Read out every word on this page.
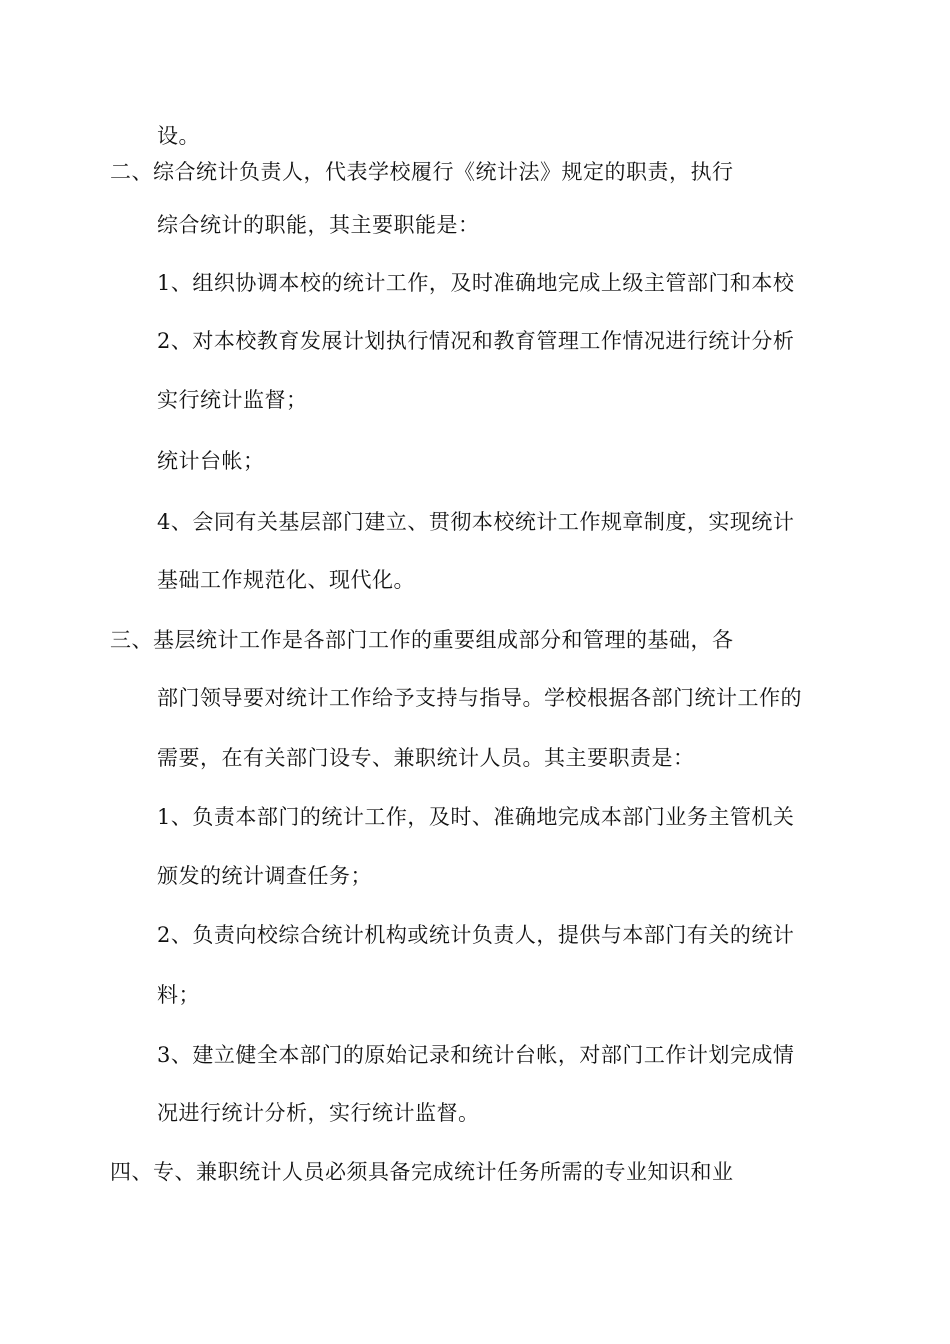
设。
二、综合统计负责人，代表学校履行《统计法》规定的职责，执行
综合统计的职能，其主要职能是：
1、组织协调本校的统计工作，及时准确地完成上级主管部门和本校
2、对本校教育发展计划执行情况和教育管理工作情况进行统计分析
实行统计监督；
统计台帐；
4、会同有关基层部门建立、贯彻本校统计工作规章制度，实现统计
基础工作规范化、现代化。
三、基层统计工作是各部门工作的重要组成部分和管理的基础，各
部门领导要对统计工作给予支持与指导。学校根据各部门统计工作的
需要，在有关部门设专、兼职统计人员。其主要职责是：
1、负责本部门的统计工作，及时、准确地完成本部门业务主管机关
颁发的统计调查任务；
2、负责向校综合统计机构或统计负责人，提供与本部门有关的统计
料；
3、建立健全本部门的原始记录和统计台帐，对部门工作计划完成情
况进行统计分析，实行统计监督。
四、专、兼职统计人员必须具备完成统计任务所需的专业知识和业
